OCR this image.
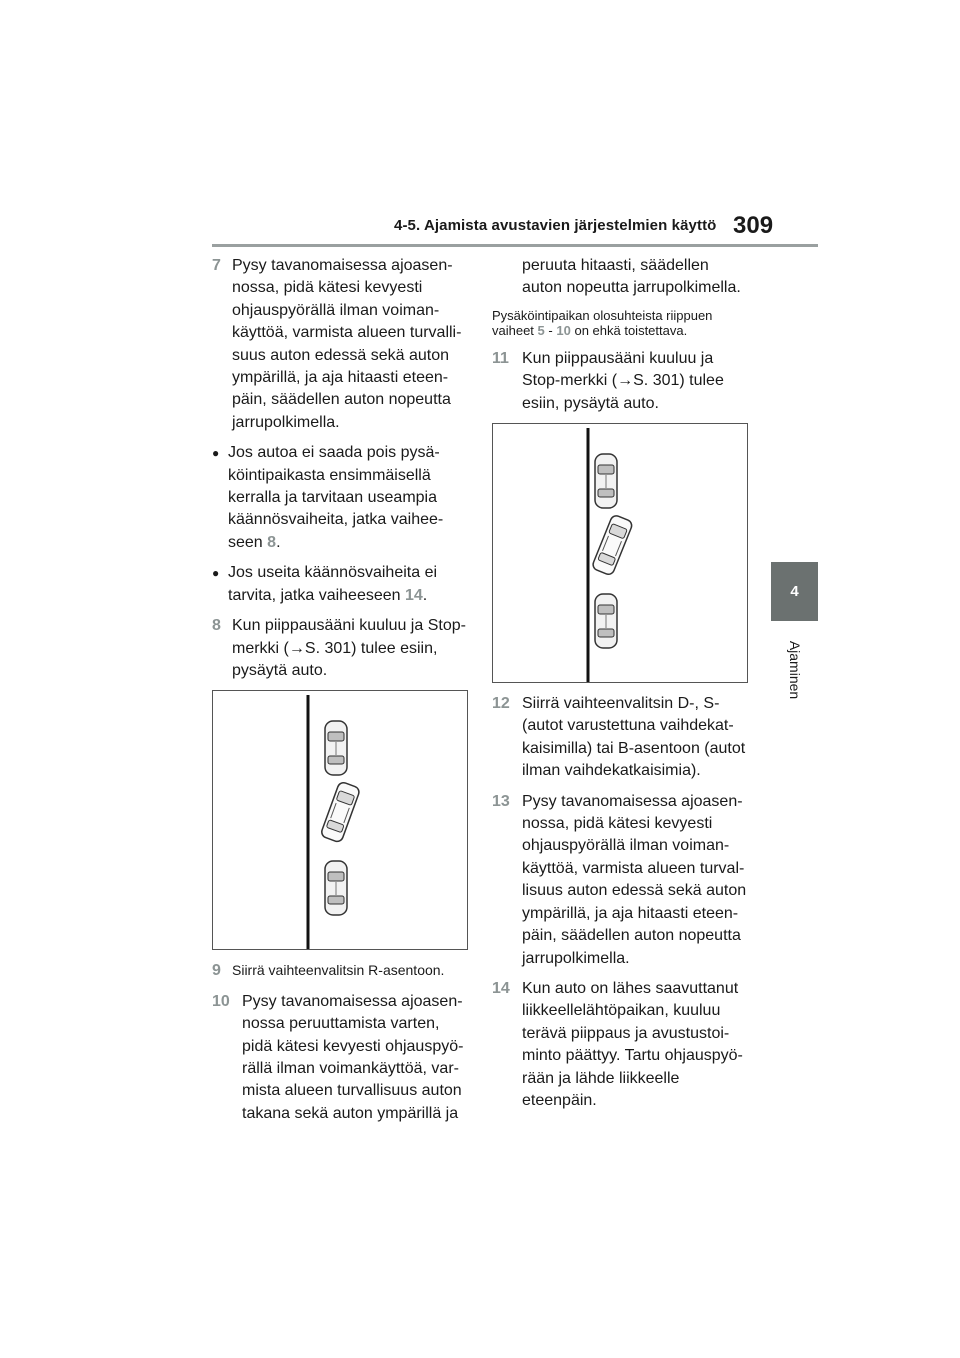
4-5. Ajamista avustavien järjestelmien käyttö 309
4
Ajaminen
7 Pysy tavanomaisessa ajoasennossa, pidä kätesi kevyesti ohjauspyörällä ilman voimankäyttöä, varmista alueen turvallisuus auton edessä sekä auton ympärillä, ja aja hitaasti eteenpäin, säädellen auton nopeutta jarrupolkimella.
● Jos autoa ei saada pois pysäköintipaikasta ensimmäisellä kerralla ja tarvitaan useampia käännösvaiheita, jatka vaiheeseen 8.
● Jos useita käännösvaiheita ei tarvita, jatka vaiheeseen 14.
8 Kun piippausääni kuuluu ja Stop-merkki (→S. 301) tulee esiin, pysäytä auto.
9 Siirrä vaihteenvalitsin R-asentoon.
10 Pysy tavanomaisessa ajoasennossa peruuttamista varten, pidä kätesi kevyesti ohjauspyörällä ilman voimankäyttöä, varmista alueen turvallisuus auton takana sekä auton ympärillä ja
peruuta hitaasti, säädellen auton nopeutta jarrupolkimella.
Pysäköintipaikan olosuhteista riippuen vaiheet 5 - 10 on ehkä toistettava.
11 Kun piippausääni kuuluu ja Stop-merkki (→S. 301) tulee esiin, pysäytä auto.
12 Siirrä vaihteenvalitsin D-, S- (autot varustettuna vaihdekatkaisimilla) tai B-asentoon (autot ilman vaihdekatkaisimia).
13 Pysy tavanomaisessa ajoasennossa, pidä kätesi kevyesti ohjauspyörällä ilman voimankäyttöä, varmista alueen turvallisuus auton edessä sekä auton ympärillä, ja aja hitaasti eteenpäin, säädellen auton nopeutta jarrupolkimella.
14 Kun auto on lähes saavuttanut liikkeellelähtöpaikan, kuuluu terävä piippaus ja avustustoiminto päättyy. Tartu ohjauspyörään ja lähde liikkeelle eteenpäin.
